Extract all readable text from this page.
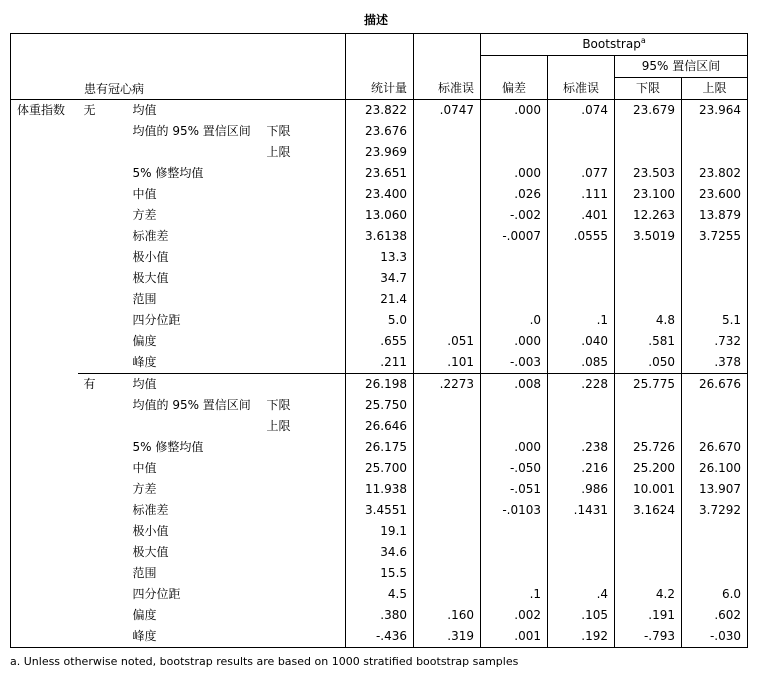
描述
患有冠心病				统计量	标准误	Bootstrap$^a$
						偏差	标准误	95% 置信区间	
								下限	上限
体重指数	无	均值		23.822	.0747	.000	.074	23.679	23.964
		均值的 95% 置信区间	下限	23.676					
			上限	23.969					
		5% 修整均值		23.651		.000	.077	23.503	23.802
		中值		23.400		.026	.111	23.100	23.600
		方差		13.060		-.002	.401	12.263	13.879
		标准差		3.6138		-.0007	.0555	3.5019	3.7255
		极小值		13.3					
		极大值		34.7					
		范围		21.4					
		四分位距		5.0		.0	.1	4.8	5.1
		偏度		.655	.051	.000	.040	.581	.732
		峰度		.211	.101	-.003	.085	.050	.378
	有	均值		26.198	.2273	.008	.228	25.775	26.676
		均值的 95% 置信区间	下限	25.750					
			上限	26.646					
		5% 修整均值		26.175		.000	.238	25.726	26.670
		中值		25.700		-.050	.216	25.200	26.100
		方差		11.938		-.051	.986	10.001	13.907
		标准差		3.4551		-.0103	.1431	3.1624	3.7292
		极小值		19.1					
		极大值		34.6					
		范围		15.5					
		四分位距		4.5		.1	.4	4.2	6.0
		偏度		.380	.160	.002	.105	.191	.602
		峰度		-.436	.319	.001	.192	-.793	-.030
a. Unless otherwise noted, bootstrap results are based on 1000 stratified bootstrap samples
